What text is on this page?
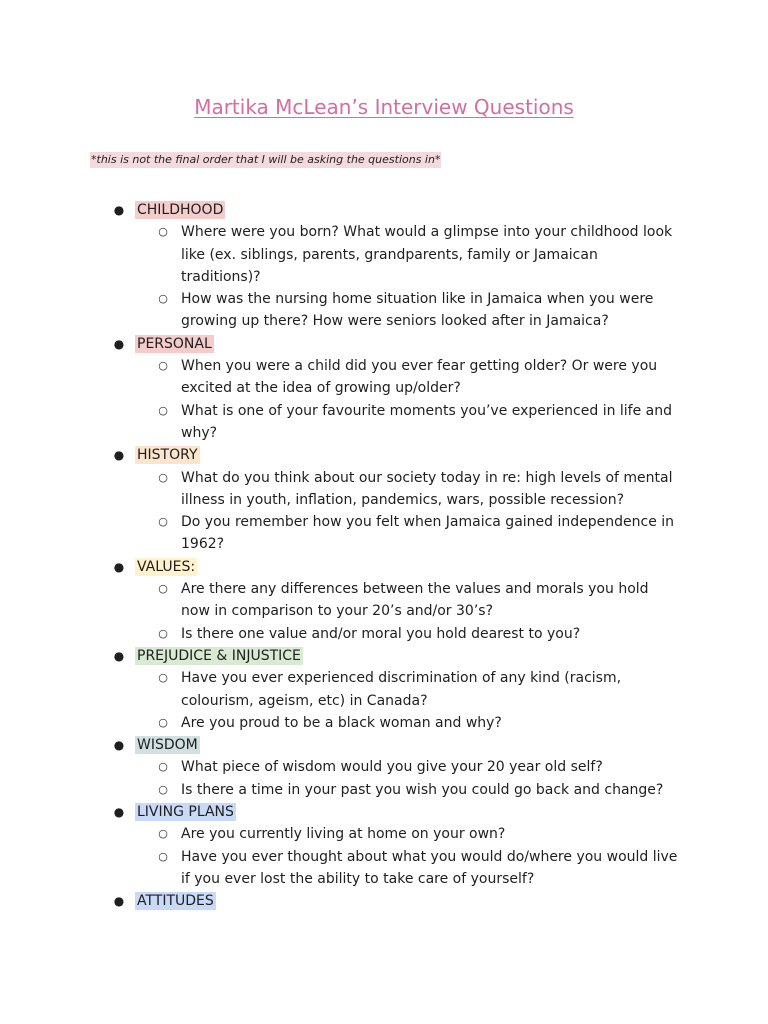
Martika McLean’s Interview Questions
*this is not the final order that I will be asking the questions in*
● CHILDHOOD
○ Where were you born? What would a glimpse into your childhood look like (ex. siblings, parents, grandparents, family or Jamaican traditions)?
○ How was the nursing home situation like in Jamaica when you were growing up there? How were seniors looked after in Jamaica?
● PERSONAL
○ When you were a child did you ever fear getting older? Or were you excited at the idea of growing up/older?
○ What is one of your favourite moments you’ve experienced in life and why?
● HISTORY
○ What do you think about our society today in re: high levels of mental illness in youth, inflation, pandemics, wars, possible recession?
○ Do you remember how you felt when Jamaica gained independence in 1962?
● VALUES:
○ Are there any differences between the values and morals you hold now in comparison to your 20’s and/or 30’s?
○ Is there one value and/or moral you hold dearest to you?
● PREJUDICE & INJUSTICE
○ Have you ever experienced discrimination of any kind (racism, colourism, ageism, etc) in Canada?
○ Are you proud to be a black woman and why?
● WISDOM
○ What piece of wisdom would you give your 20 year old self?
○ Is there a time in your past you wish you could go back and change?
● LIVING PLANS
○ Are you currently living at home on your own?
○ Have you ever thought about what you would do/where you would live if you ever lost the ability to take care of yourself?
● ATTITUDES
